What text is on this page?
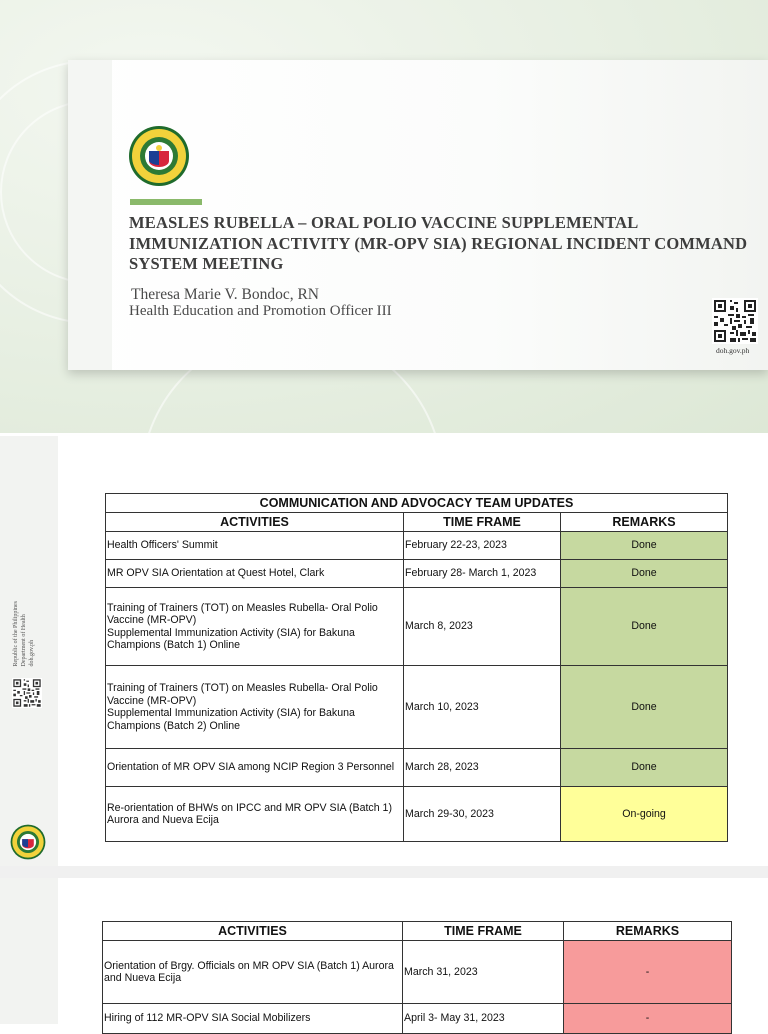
MEASLES RUBELLA – ORAL POLIO VACCINE SUPPLEMENTAL IMMUNIZATION ACTIVITY (MR-OPV SIA) REGIONAL INCIDENT COMMAND SYSTEM MEETING
Theresa Marie V. Bondoc, RN
Health Education and Promotion Officer III
doh.gov.ph
Republic of the Philippines Department of Health doh.gov.ph
COMMUNICATION AND ADVOCACY TEAM UPDATES		
ACTIVITIES	TIME FRAME	REMARKS
Health Officers' Summit	February 22-23, 2023	Done
MR OPV SIA Orientation at Quest Hotel, Clark	February 28- March 1, 2023	Done
Training of Trainers (TOT) on Measles Rubella- Oral Polio Vaccine (MR-OPV)
Supplemental Immunization Activity (SIA) for Bakuna Champions (Batch 1) Online	March 8, 2023	Done
Training of Trainers (TOT) on Measles Rubella- Oral Polio Vaccine (MR-OPV)
Supplemental Immunization Activity (SIA) for Bakuna Champions (Batch 2) Online	March 10, 2023	Done
Orientation of MR OPV SIA among NCIP Region 3 Personnel	March 28, 2023	Done
Re-orientation of BHWs on IPCC and MR OPV SIA (Batch 1) Aurora and Nueva Ecija	March 29-30, 2023	On-going
ACTIVITIES	TIME FRAME	REMARKS
Orientation of Brgy. Officials on MR OPV SIA (Batch 1) Aurora and Nueva Ecija	March 31, 2023	-
Hiring of 112 MR-OPV SIA Social Mobilizers	April 3- May 31, 2023	-
